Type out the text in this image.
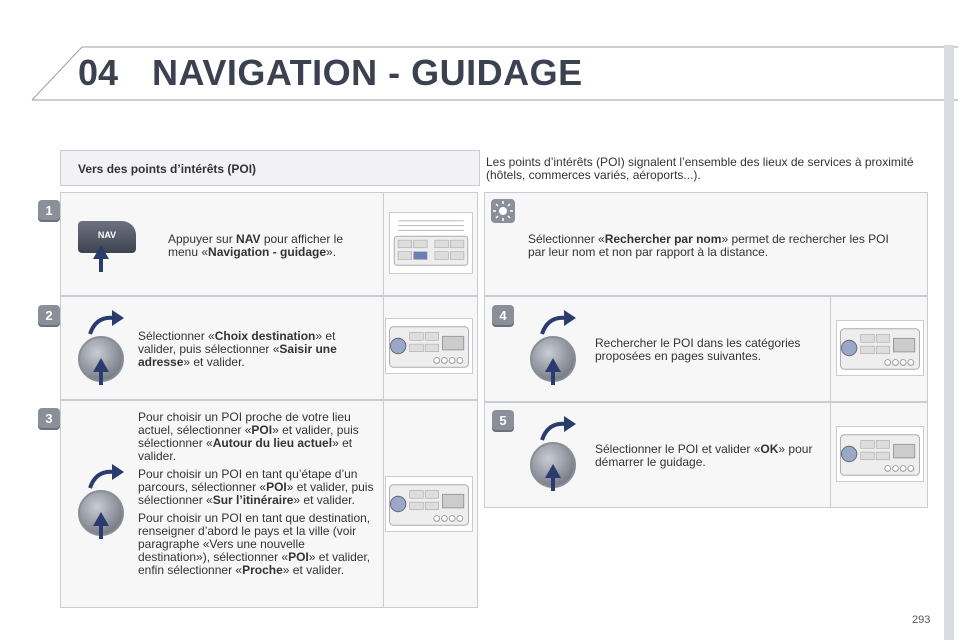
04 NAVIGATION - GUIDAGE
Vers des points d’intérêts (POI)	Les points d’intérêts (POI) signalent l’ensemble des lieux de services à proximité (hôtels, commerces variés, aéroports...).
1
2
3
4
5
NAV	Appuyer sur NAV pour afficher le menu «Navigation - guidage».
Sélectionner «Choix destination» et valider, puis sélectionner «Saisir une adresse» et valider.

Pour choisir un POI proche de votre lieu actuel, sélectionner «POI» et valider, puis sélectionner «Autour du lieu actuel» et valider.

Pour choisir un POI en tant qu’étape d’un parcours, sélectionner «POI» et valider, puis sélectionner «Sur l’itinéraire» et valider.

Pour choisir un POI en tant que destination, renseigner d’abord le pays et la ville (voir paragraphe «Vers une nouvelle destination»), sélectionner «POI» et valider, enfin sélectionner «Proche» et valider.

Sélectionner «Rechercher par nom» permet de rechercher les POI par leur nom et non par rapport à la distance.
Rechercher le POI dans les catégories proposées en pages suivantes.
Sélectionner le POI et valider «OK» pour démarrer le guidage.
293
